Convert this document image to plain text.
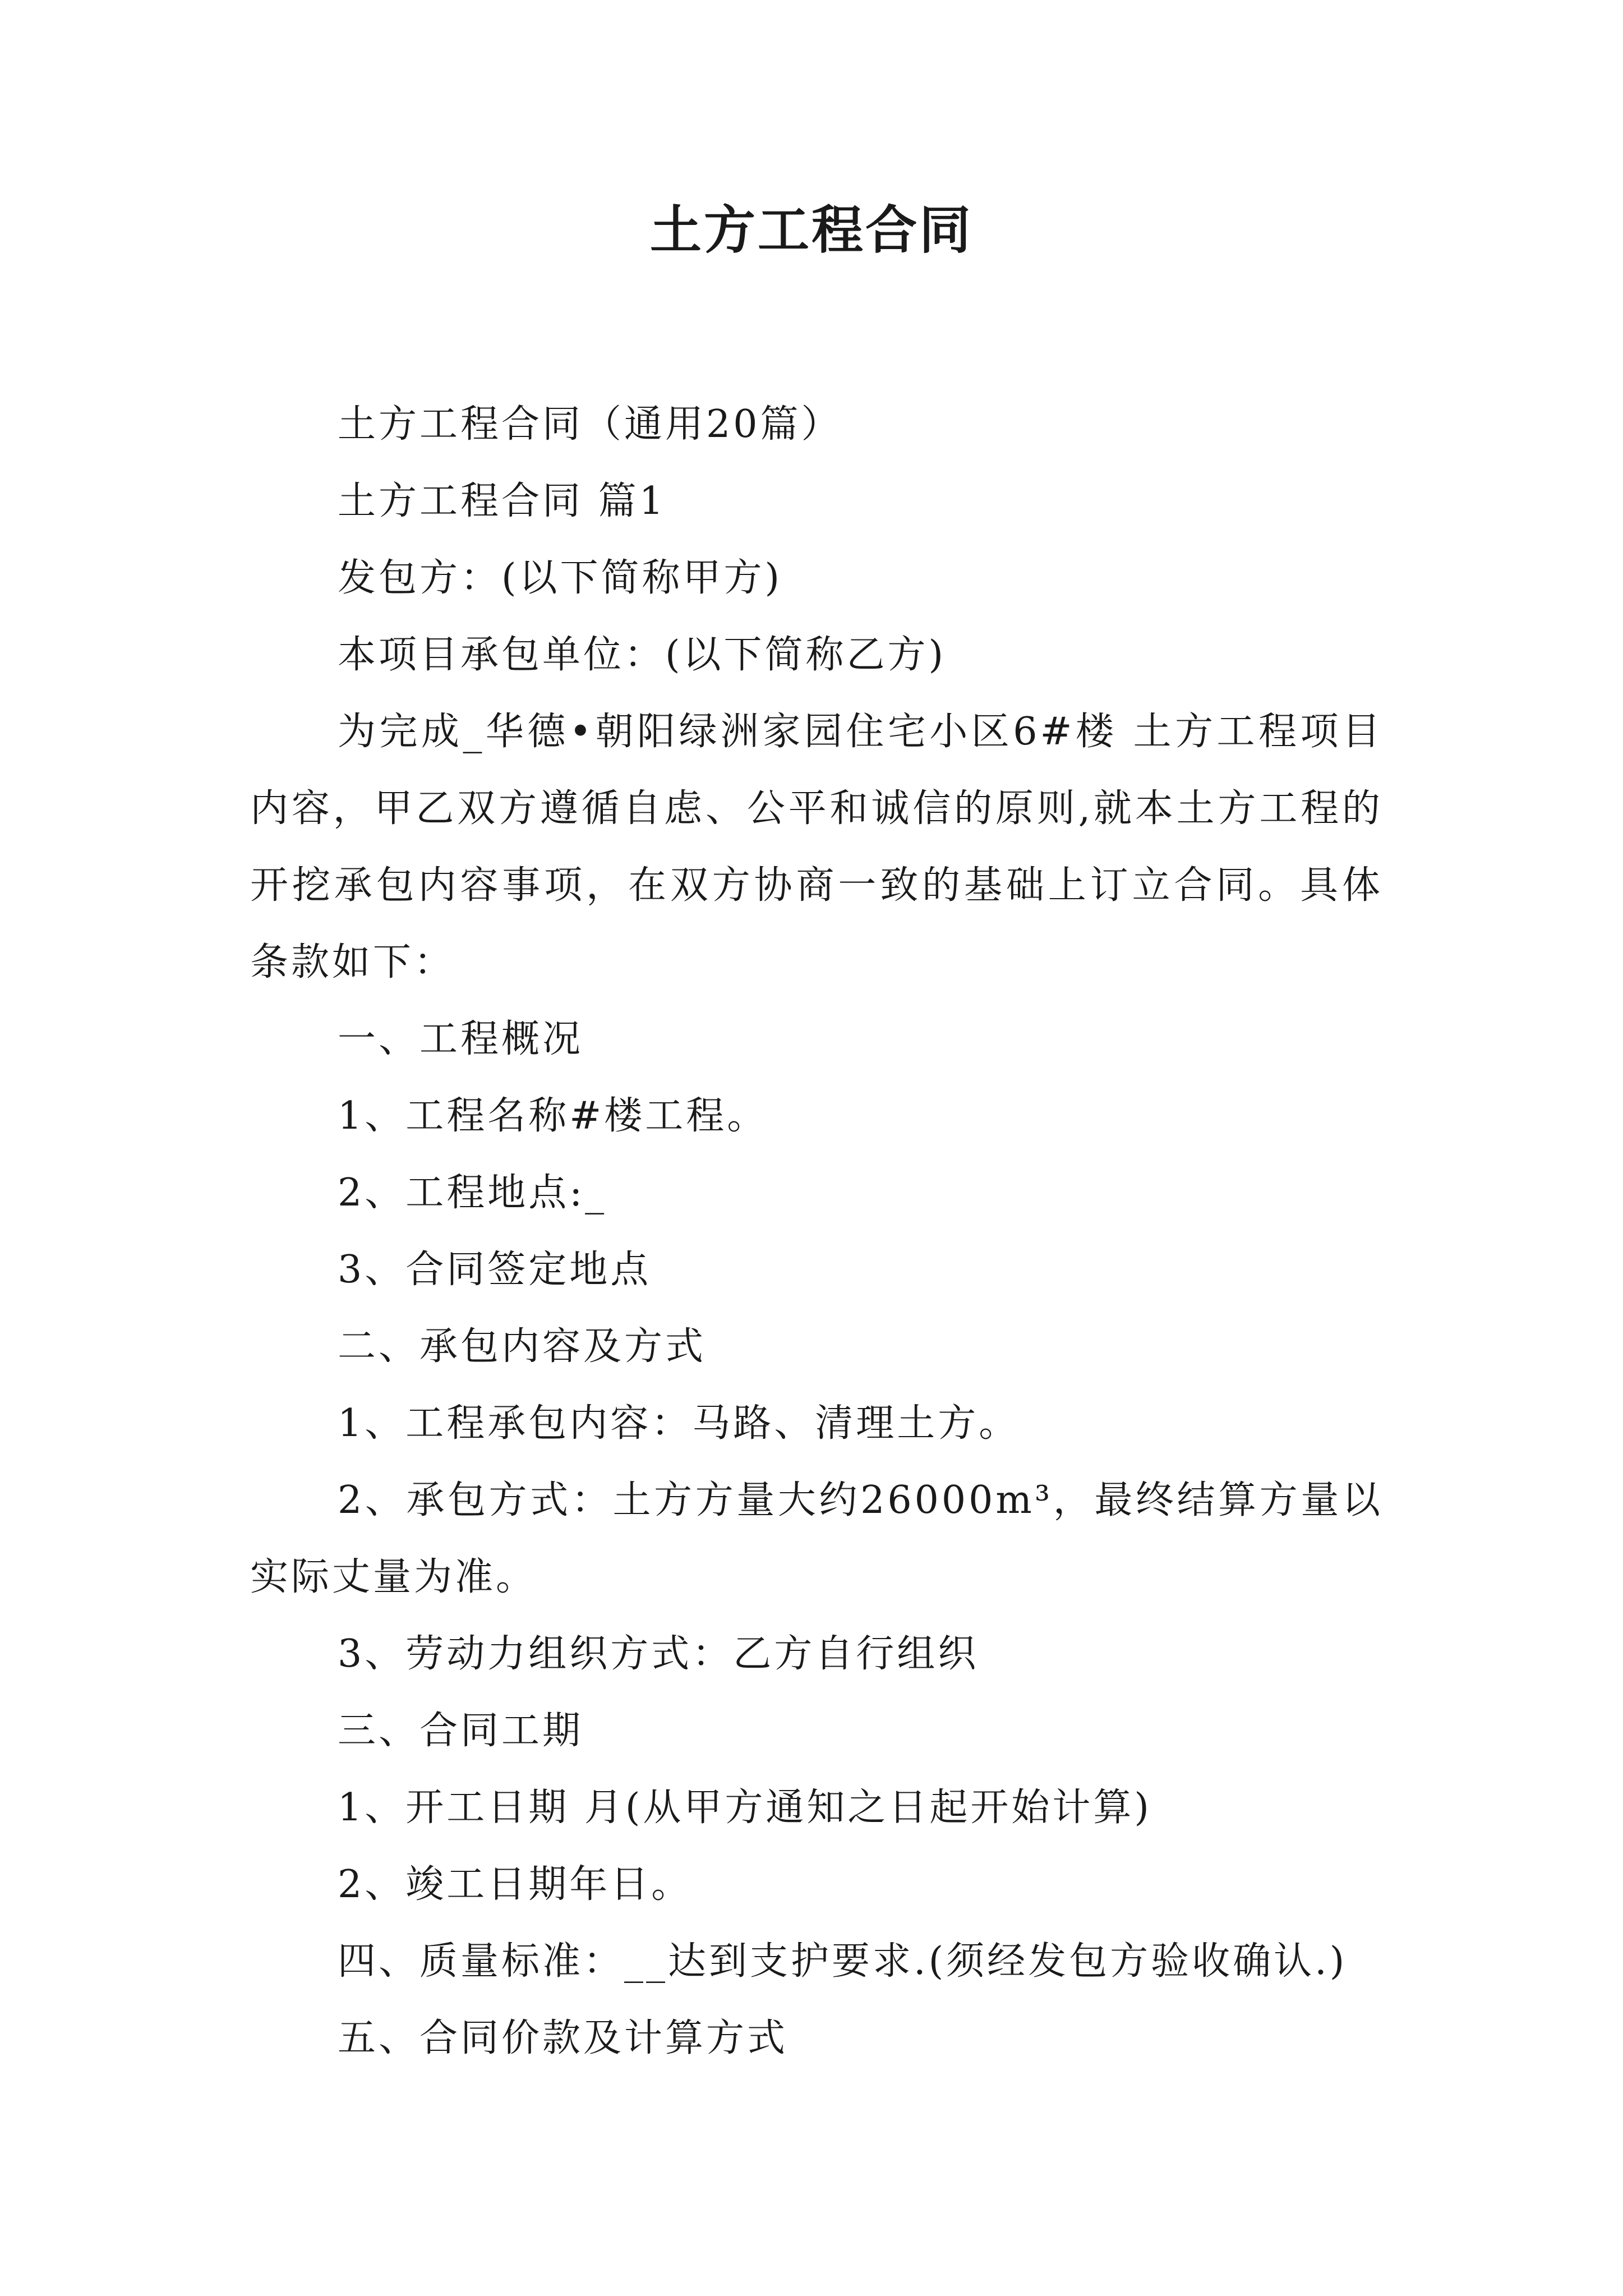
土方工程合同

土方工程合同（通用20篇）

土方工程合同 篇1

发包方：(以下简称甲方)

本项目承包单位：(以下简称乙方)

为完成_华德•朝阳绿洲家园住宅小区6#楼 土方工程项目内容，甲乙双方遵循自虑、公平和诚信的原则,就本土方工程的开挖承包内容事项，在双方协商一致的基础上订立合同。具体条款如下：

一、工程概况

1、工程名称#楼工程。

2、工程地点:_

3、合同签定地点

二、承包内容及方式

1、工程承包内容：马路、清理土方。

2、承包方式：土方方量大约26000m³，最终结算方量以实际丈量为准。

3、劳动力组织方式：乙方自行组织

三、合同工期

1、开工日期 月(从甲方通知之日起开始计算)

2、竣工日期年日。

四、质量标准：__达到支护要求.(须经发包方验收确认.)

五、合同价款及计算方式
